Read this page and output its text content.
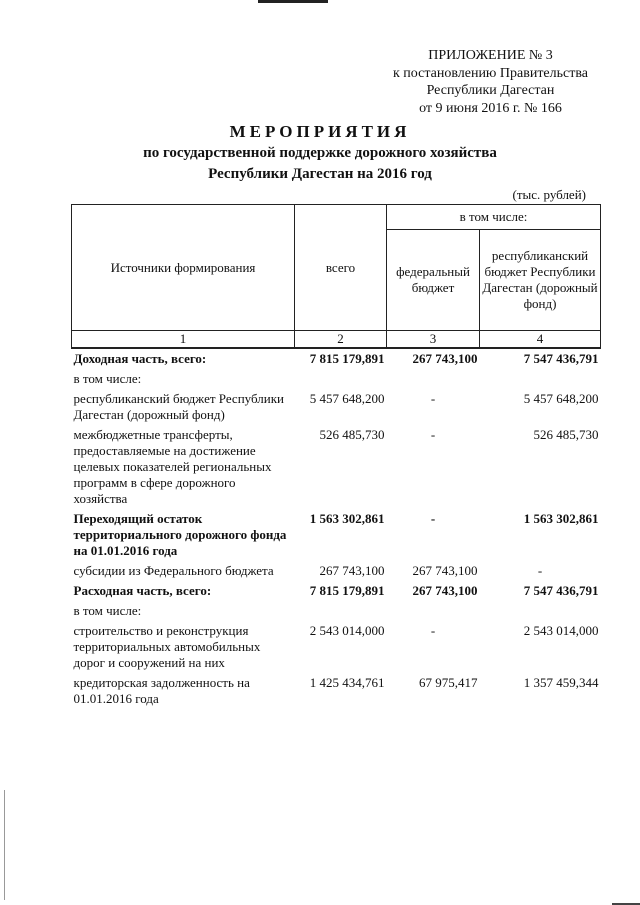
ПРИЛОЖЕНИЕ № 3
к постановлению Правительства
Республики Дагестан
от 9 июня 2016 г. № 166
МЕРОПРИЯТИЯ
по государственной поддержке дорожного хозяйства
Республики Дагестан на 2016 год
(тыс. рублей)
Источники формирования	всего	в том числе:	
		федеральный бюджет	республиканский бюджет Республики Дагестан (дорожный фонд)
1	2	3	4
Доходная часть, всего:	7 815 179,891	267 743,100	7 547 436,791
в том числе:			
республиканский бюджет Республики Дагестан (дорожный фонд)	5 457 648,200	-	5 457 648,200
межбюджетные трансферты, предоставляемые на достижение целевых показателей региональных программ в сфере дорожного хозяйства	526 485,730	-	526 485,730
Переходящий остаток территориального дорожного фонда на 01.01.2016 года	1 563 302,861	-	1 563 302,861
субсидии из Федерального бюджета	267 743,100	267 743,100	-
Расходная часть, всего:	7 815 179,891	267 743,100	7 547 436,791
в том числе:			
строительство и реконструкция территориальных автомобильных дорог и сооружений на них	2 543 014,000	-	2 543 014,000
кредиторская задолженность на 01.01.2016 года	1 425 434,761	67 975,417	1 357 459,344
